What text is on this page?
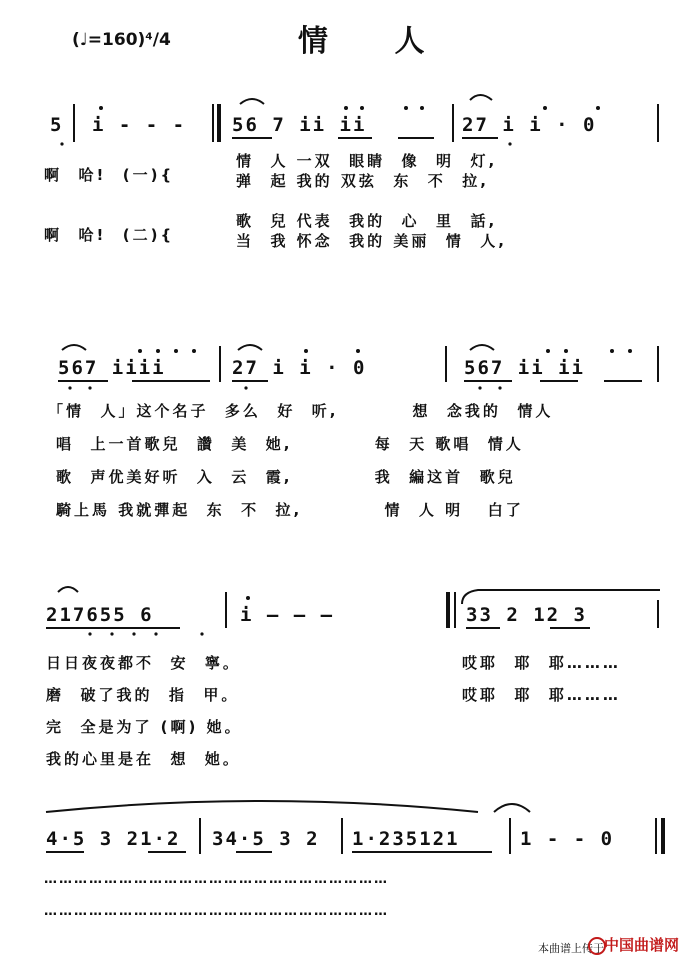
(♩=160)⁴/4	情 人
5 i - - - 56 7 ii ii	27 i i · 0
啊  哈!  (一){
情  人 一双  眼睛  像  明  灯,
弹  起 我的 双弦  东  不  拉,
啊  哈!  (二){
歌  兒 代表  我的  心  里  話,
当  我 怀念  我的 美丽  情  人,
567 iiii	27 i i · 0	567 ii ii
「情  人」这个名子  多么  好  听,         想  念我的  情人
唱  上一首歌兒  讚  美  她,          每  天 歌唱  情人
歌  声优美好听  入  云  霞,          我  編这首  歌兒
騎上馬 我就彈起  东  不  拉,          情  人 明   白了
217655 6	i — — —	33 2 12 3
日日夜夜都不  安  寧。
磨  破了我的  指  甲。
完  全是为了 (啊) 她。
我的心里是在  想  她。
哎耶  耶  耶………
哎耶  耶  耶………
4·5 3 21·2 34·5 3 2 1·235121	1 - - 0
……………………………………………………………
……………………………………………………………
本曲谱上传于 中国曲谱网
